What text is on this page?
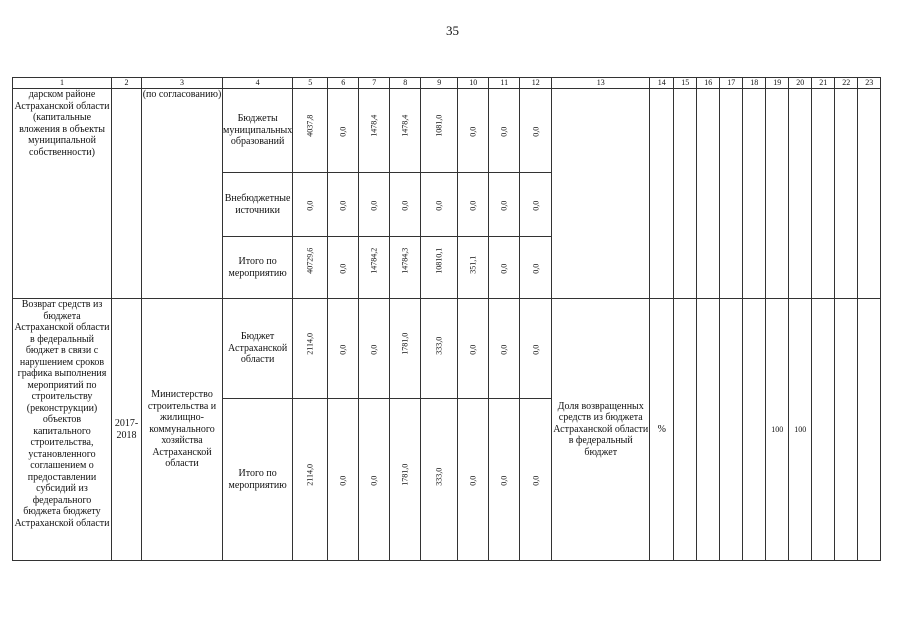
35
1	2	3	4	5	6	7	8	9	10	11	12	13	14	15	16	17	18	19	20	21	22	23
дарском районе Астраханской области (капитальные вложения в объекты муниципальной собственности)		(по согласованию)	Бюджеты муниципальных образований	4037,8	0,0	1478,4	1478,4	1081,0	0,0	0,0	0,0											

			Внебюджетные источники	0,0	0,0	0,0	0,0	0,0	0,0	0,0	0,0											

			Итого по мероприятию	40729,6	0,0	14784,2	14784,3	10810,1	351,1	0,0	0,0											

Возврат средств из бюджета Астраханской области в федеральный бюджет в связи с нарушением сроков графика выполнения мероприятий по строительству (реконструкции) объектов капитального строительства, установленного соглашением о предоставлении субсидий из федерального бюджета бюджету Астраханской области	2017-2018	Министерство строительства и жилищно-коммунального хозяйства Астраханской области	Бюджет Астраханской области	2114,0	0,0	0,0	1781,0	333,0	0,0	0,0	0,0	Доля возвращенных средств из бюджета Астраханской области в федеральный бюджет	%					100	100			
			Итого по мероприятию	2114,0	0,0	0,0	1781,0	333,0	0,0	0,0	0,0											
